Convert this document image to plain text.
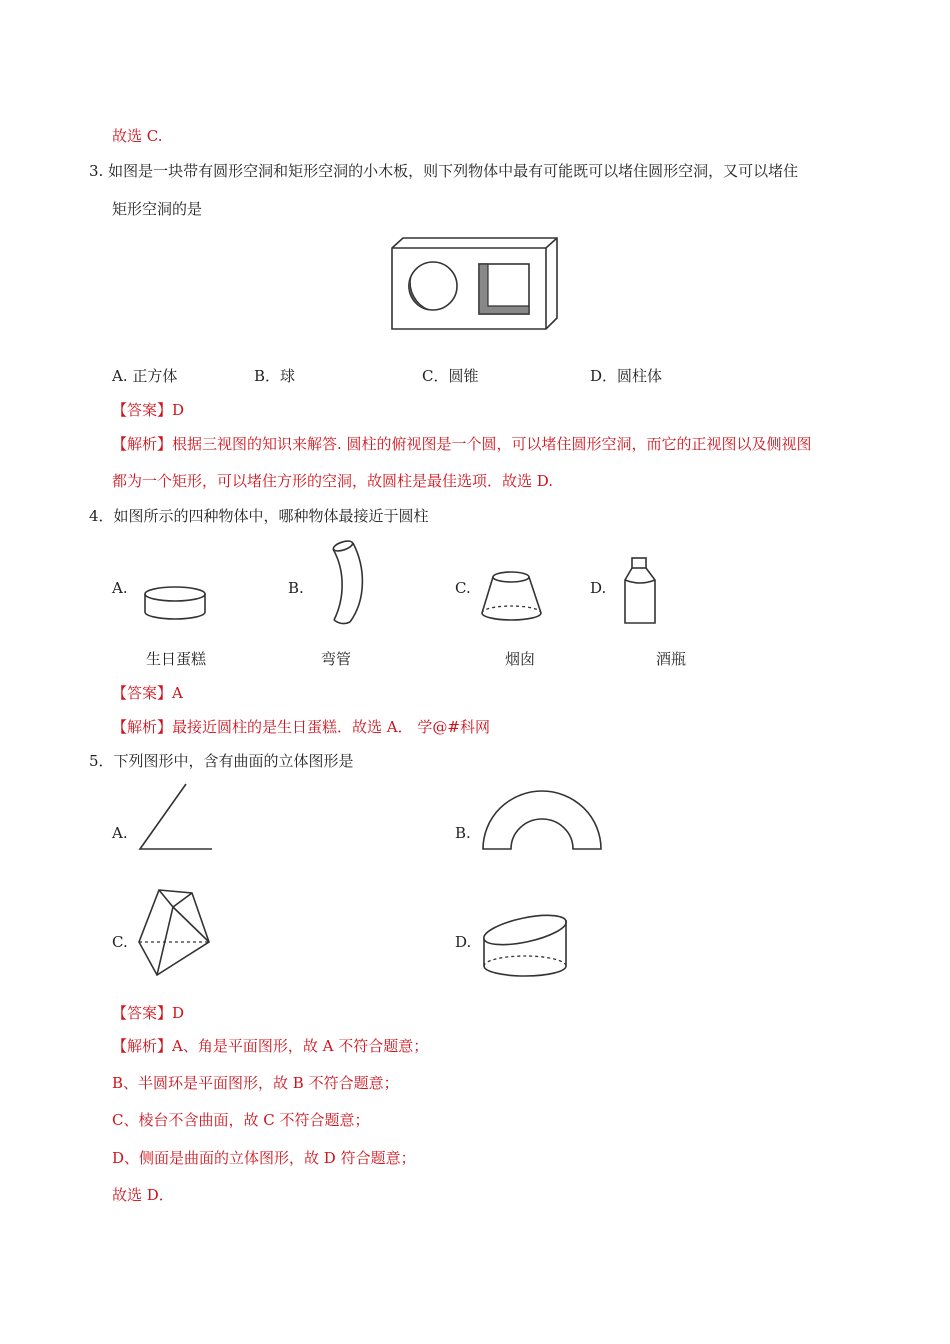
故选 C.
3. 如图是一块带有圆形空洞和矩形空洞的小木板，则下列物体中最有可能既可以堵住圆形空洞，又可以堵住
矩形空洞的是
A. 正方体	B．球	C．圆锥	D．圆柱体
【答案】D
【解析】根据三视图的知识来解答. 圆柱的俯视图是一个圆，可以堵住圆形空洞，而它的正视图以及侧视图
都为一个矩形，可以堵住方形的空洞，故圆柱是最佳选项．故选 D.
4．如图所示的四种物体中，哪种物体最接近于圆柱
A.	B.	C.	D.
生日蛋糕	弯管	烟囱	酒瓶
【答案】A
【解析】最接近圆柱的是生日蛋糕．故选 A． 学@#科网
5．下列图形中，含有曲面的立体图形是
A.	B.
C.	D.
【答案】D
【解析】A、角是平面图形，故 A 不符合题意；
B、半圆环是平面图形，故 B 不符合题意；
C、棱台不含曲面，故 C 不符合题意；
D、侧面是曲面的立体图形，故 D 符合题意；
故选 D．
